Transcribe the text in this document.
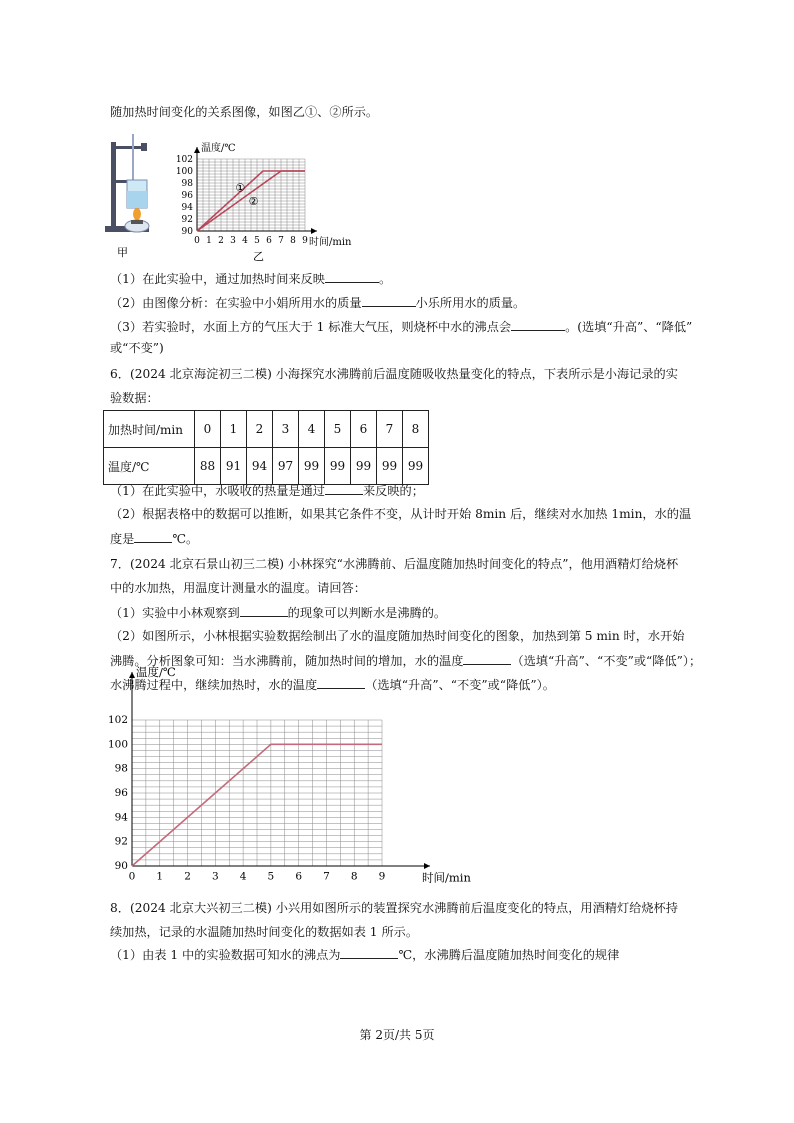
随加热时间变化的关系图像，如图乙①、②所示。
甲
102
100
98
96
94
92
90
0 1 2 3 4 5 6 7 8 9
温度/℃
时间/min
①
②
乙
（1）在此实验中，通过加热时间来反映	。
（2）由图像分析：在实验中小娟所用水的质量	小乐所用水的质量。
（3）若实验时，水面上方的气压大于 1 标准大气压，则烧杯中水的沸点会	。(选填“升高”、“降低”
或“不变”)
6．(2024 北京海淀初三二模) 小海探究水沸腾前后温度随吸收热量变化的特点，下表所示是小海记录的实
验数据：
加热时间/min	0	1	2	3	4	5	6	7	8
温度/℃	88	91	94	97	99	99	99	99	99
（1）在此实验中，水吸收的热量是通过	来反映的；
（2）根据表格中的数据可以推断，如果其它条件不变，从计时开始 8min 后，继续对水加热 1min，水的温
度是	℃。
7．(2024 北京石景山初三二模) 小林探究“水沸腾前、后温度随加热时间变化的特点”，他用酒精灯给烧杯
中的水加热，用温度计测量水的温度。请回答：
（1）实验中小林观察到	的现象可以判断水是沸腾的。
（2）如图所示，小林根据实验数据绘制出了水的温度随加热时间变化的图象，加热到第 5 min 时，水开始
沸腾。分析图象可知：当水沸腾前，随加热时间的增加，水的温度	（选填“升高”、“不变”或“降低”）；
水沸腾过程中，继续加热时，水的温度	（选填“升高”、“不变”或“降低”）。
90
92
94
96
98
100
102
0 1 2 3 4 5 6 7 8 9
温度/℃
时间/min
8．(2024 北京大兴初三二模) 小兴用如图所示的装置探究水沸腾前后温度变化的特点，用酒精灯给烧杯持
续加热，记录的水温随加热时间变化的数据如表 1 所示。
（1）由表 1 中的实验数据可知水的沸点为	℃，水沸腾后温度随加热时间变化的规律
第 2页/共 5页
